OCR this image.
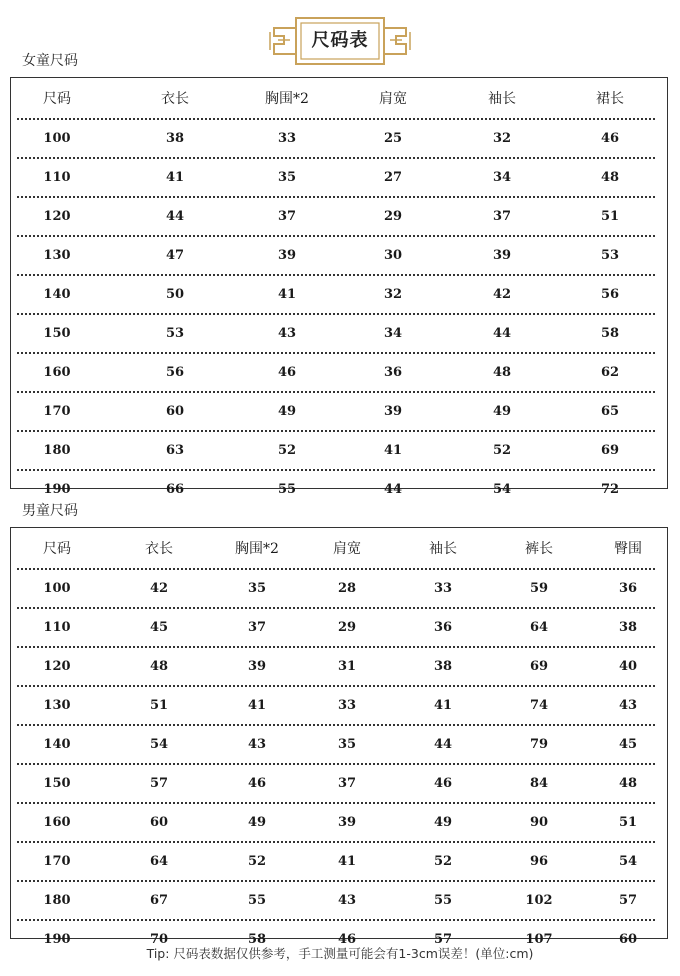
尺码表
女童尺码
尺码	衣长	胸围*2	肩宽	袖长	裙长
100	38	33	25	32	46
110	41	35	27	34	48
120	44	37	29	37	51
130	47	39	30	39	53
140	50	41	32	42	56
150	53	43	34	44	58
160	56	46	36	48	62
170	60	49	39	49	65
180	63	52	41	52	69
190	66	55	44	54	72
男童尺码
尺码	衣长	胸围*2	肩宽	袖长	裤长	臀围
100	42	35	28	33	59	36
110	45	37	29	36	64	38
120	48	39	31	38	69	40
130	51	41	33	41	74	43
140	54	43	35	44	79	45
150	57	46	37	46	84	48
160	60	49	39	49	90	51
170	64	52	41	52	96	54
180	67	55	43	55	102	57
190	70	58	46	57	107	60
Tip: 尺码表数据仅供参考，手工测量可能会有1-3cm误差！(单位:cm)
